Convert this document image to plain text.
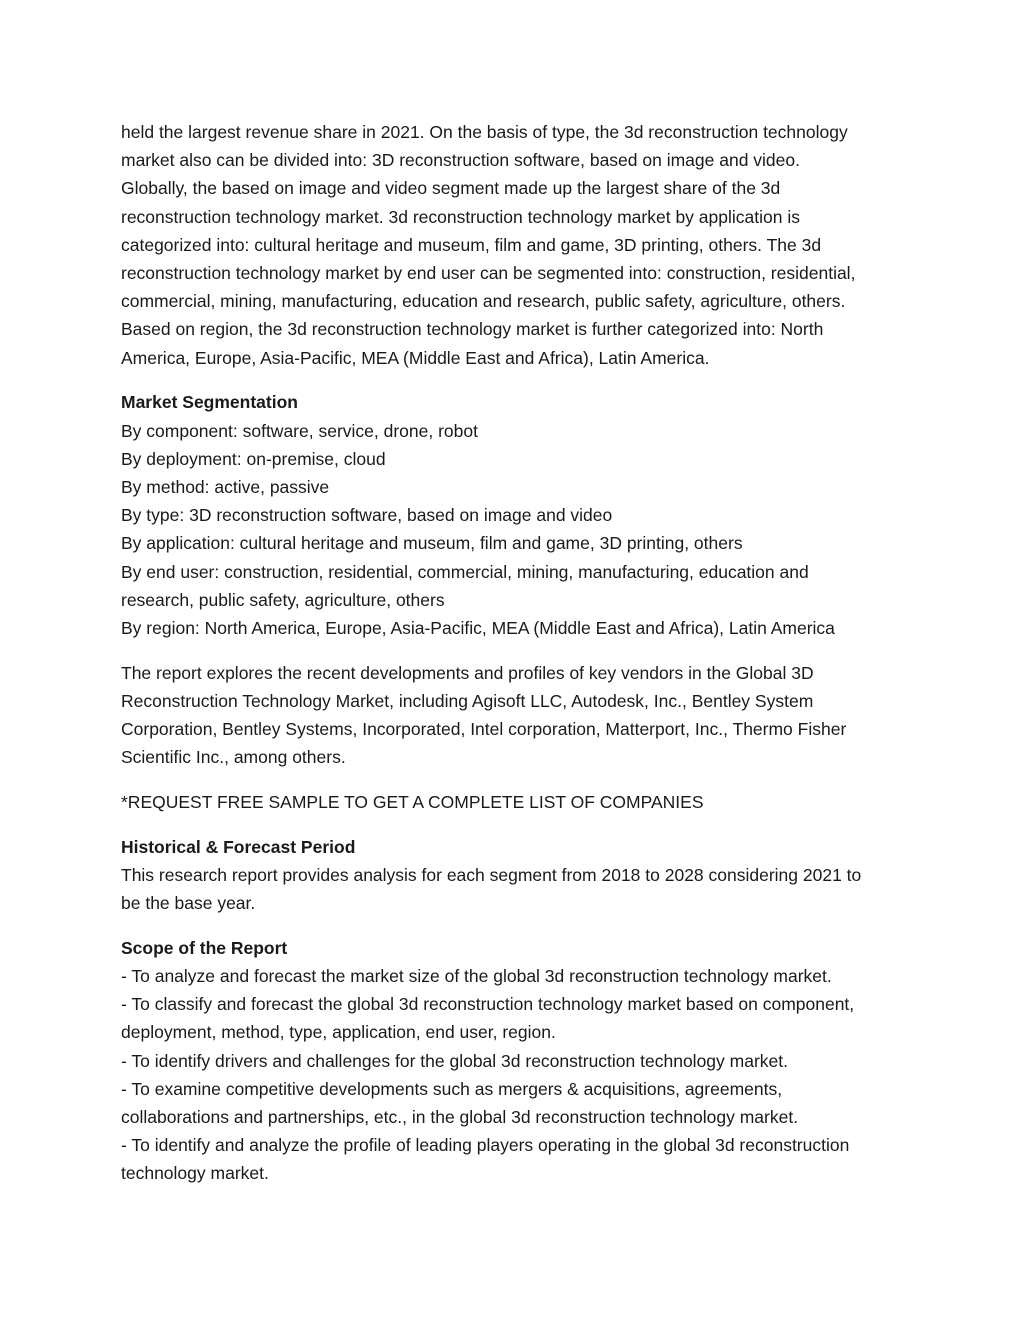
held the largest revenue share in 2021. On the basis of type, the 3d reconstruction technology
market also can be divided into: 3D reconstruction software, based on image and video.
Globally, the based on image and video segment made up the largest share of the 3d
reconstruction technology market. 3d reconstruction technology market by application is
categorized into: cultural heritage and museum, film and game, 3D printing, others. The 3d
reconstruction technology market by end user can be segmented into: construction, residential,
commercial, mining, manufacturing, education and research, public safety, agriculture, others.
Based on region, the 3d reconstruction technology market is further categorized into: North
America, Europe, Asia-Pacific, MEA (Middle East and Africa), Latin America.
Market Segmentation
By component: software, service, drone, robot
By deployment: on-premise, cloud
By method: active, passive
By type: 3D reconstruction software, based on image and video
By application: cultural heritage and museum, film and game, 3D printing, others
By end user: construction, residential, commercial, mining, manufacturing, education and
research, public safety, agriculture, others
By region: North America, Europe, Asia-Pacific, MEA (Middle East and Africa), Latin America
The report explores the recent developments and profiles of key vendors in the Global 3D
Reconstruction Technology Market, including Agisoft LLC, Autodesk, Inc., Bentley System
Corporation, Bentley Systems, Incorporated, Intel corporation, Matterport, Inc., Thermo Fisher
Scientific Inc., among others.
*REQUEST FREE SAMPLE TO GET A COMPLETE LIST OF COMPANIES
Historical & Forecast Period
This research report provides analysis for each segment from 2018 to 2028 considering 2021 to
be the base year.
Scope of the Report
- To analyze and forecast the market size of the global 3d reconstruction technology market.
- To classify and forecast the global 3d reconstruction technology market based on component,
deployment, method, type, application, end user, region.
- To identify drivers and challenges for the global 3d reconstruction technology market.
- To examine competitive developments such as mergers & acquisitions, agreements,
collaborations and partnerships, etc., in the global 3d reconstruction technology market.
- To identify and analyze the profile of leading players operating in the global 3d reconstruction
technology market.
